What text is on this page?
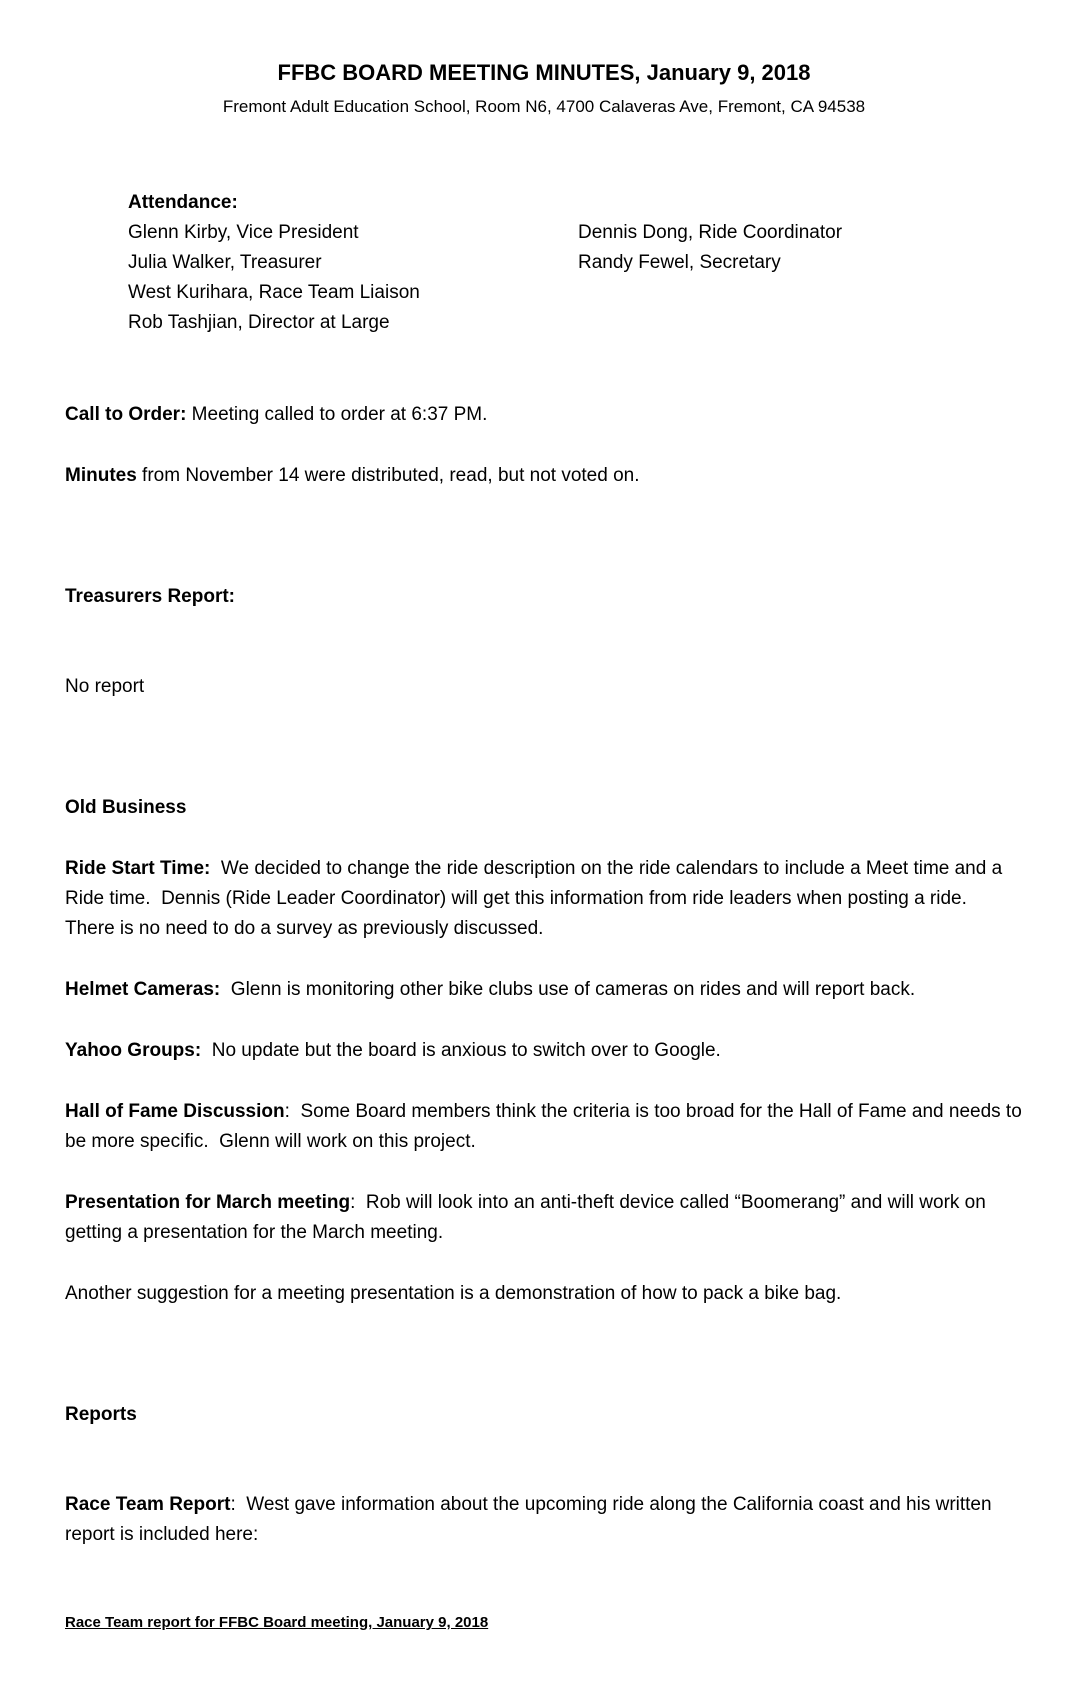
FFBC BOARD MEETING MINUTES, January 9, 2018
Fremont Adult Education School, Room N6, 4700 Calaveras Ave, Fremont, CA 94538
Attendance:
Glenn Kirby, Vice President
Julia Walker, Treasurer
West Kurihara, Race Team Liaison
Rob Tashjian, Director at Large
Dennis Dong, Ride Coordinator
Randy Fewel, Secretary

Call to Order: Meeting called to order at 6:37 PM.

Minutes from November 14 were distributed, read, but not voted on.

Treasurers Report:

No report

Old Business

Ride Start Time:  We decided to change the ride description on the ride calendars to include a Meet time and a Ride time.  Dennis (Ride Leader Coordinator) will get this information from ride leaders when posting a ride.  There is no need to do a survey as previously discussed.

Helmet Cameras:  Glenn is monitoring other bike clubs use of cameras on rides and will report back.

Yahoo Groups:  No update but the board is anxious to switch over to Google.

Hall of Fame Discussion:  Some Board members think the criteria is too broad for the Hall of Fame and needs to be more specific.  Glenn will work on this project.

Presentation for March meeting:  Rob will look into an anti-theft device called “Boomerang” and will work on getting a presentation for the March meeting.

Another suggestion for a meeting presentation is a demonstration of how to pack a bike bag.

Reports

Race Team Report:  West gave information about the upcoming ride along the California coast and his written report is included here:

Race Team report for FFBC Board meeting, January 9, 2018
